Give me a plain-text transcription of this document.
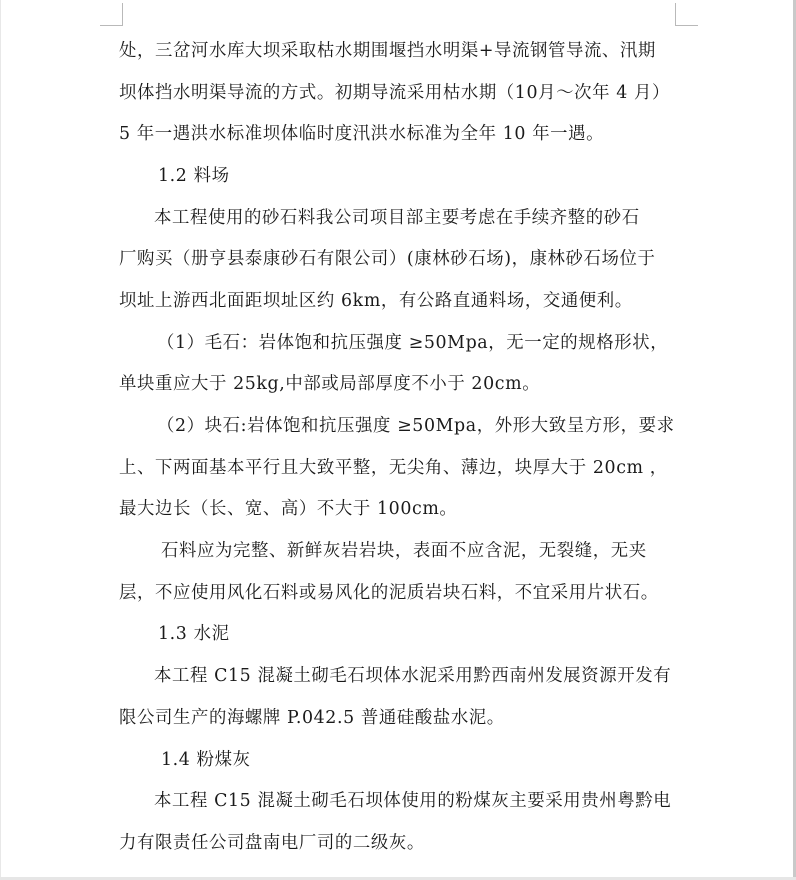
处，三岔河水库大坝采取枯水期围堰挡水明渠+导流钢管导流、汛期
坝体挡水明渠导流的方式。初期导流采用枯水期（10月～次年 4 月）
5 年一遇洪水标准坝体临时度汛洪水标准为全年 10 年一遇。
1.2 料场
本工程使用的砂石料我公司项目部主要考虑在手续齐整的砂石
厂购买（册亨县泰康砂石有限公司）(康林砂石场)，康林砂石场位于
坝址上游西北面距坝址区约 6km，有公路直通料场，交通便利。
（1）毛石：岩体饱和抗压强度 ≥50Mpa，无一定的规格形状，
单块重应大于 25kg,中部或局部厚度不小于 20cm。
（2）块石:岩体饱和抗压强度 ≥50Mpa，外形大致呈方形，要求
上、下两面基本平行且大致平整，无尖角、薄边，块厚大于 20cm ，
最大边长（长、宽、高）不大于 100cm。
石料应为完整、新鲜灰岩岩块，表面不应含泥，无裂缝，无夹
层，不应使用风化石料或易风化的泥质岩块石料，不宜采用片状石。
1.3 水泥
本工程 C15 混凝土砌毛石坝体水泥采用黔西南州发展资源开发有
限公司生产的海螺牌 P.042.5 普通硅酸盐水泥。
1.4 粉煤灰
本工程 C15 混凝土砌毛石坝体使用的粉煤灰主要采用贵州粤黔电
力有限责任公司盘南电厂司的二级灰。
